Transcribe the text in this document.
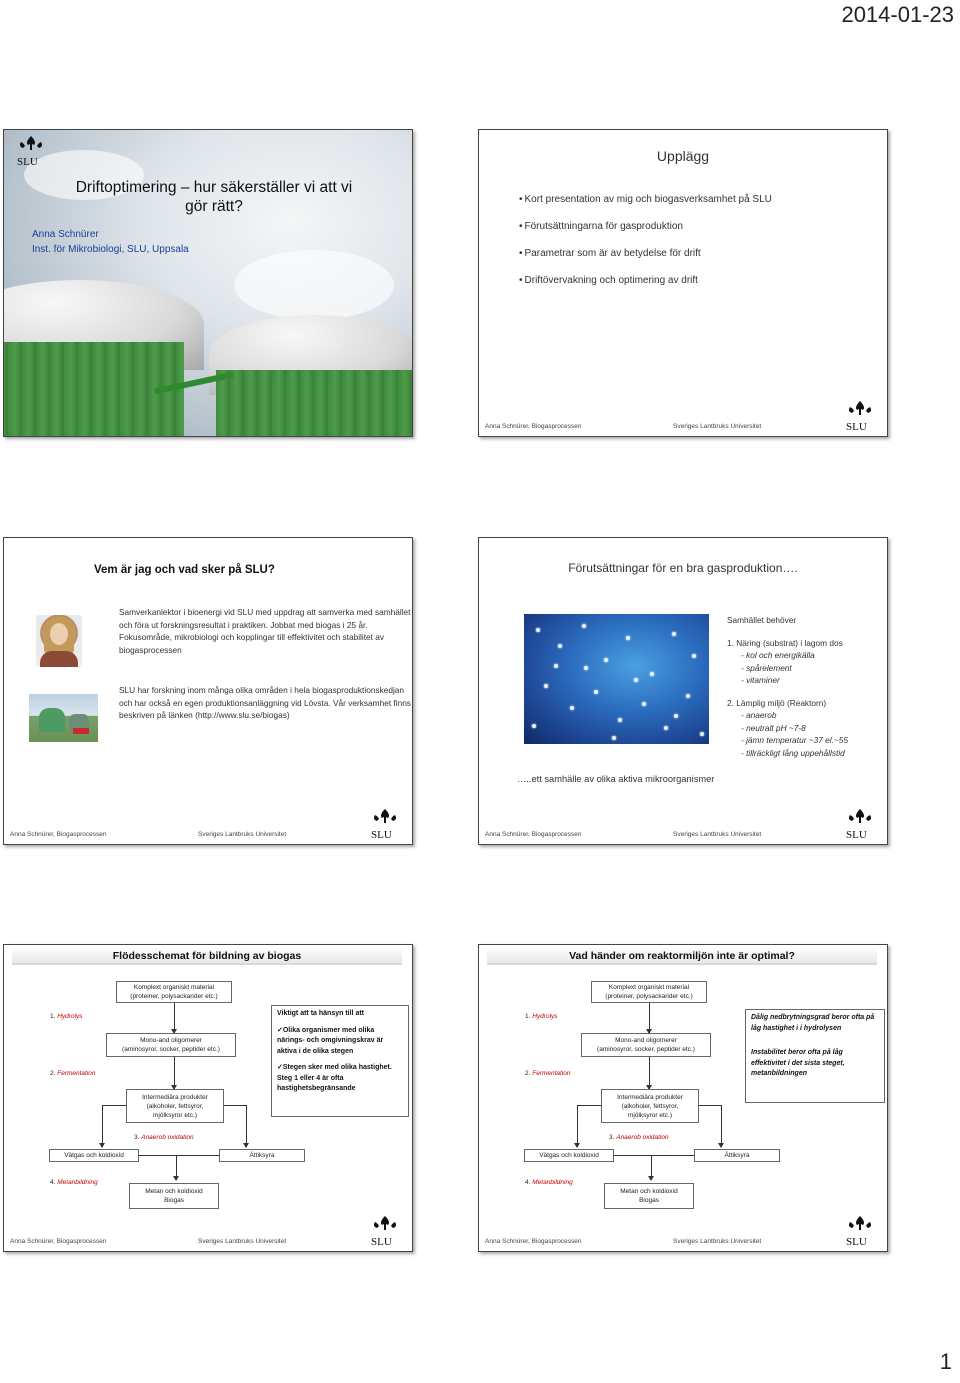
2014-01-23
SLU
Driftoptimering – hur säkerställer vi att vi
gör rätt?
Anna Schnürer
Inst. för Mikrobiologi, SLU, Uppsala
Upplägg
• Kort presentation av mig och biogasverksamhet på SLU
• Förutsättningarna för gasproduktion
• Parametrar som är av betydelse för drift
• Driftövervakning och optimering av drift
Anna Schnürer, Biogasprocessen	Sveriges Lantbruks Universitet	SLU
Vem är jag och vad sker på SLU?
Samverkanlektor i bioenergi vid SLU med uppdrag att samverka med samhället och föra ut forskningsresultat i praktiken. Jobbat med biogas i 25 år. Fokusområde, mikrobiologi och kopplingar till effektivitet och stabilitet av biogasprocessen
SLU har forskning inom många olika områden i hela biogasproduktionskedjan och har också en egen produktionsanläggning vid Lövsta. Vår verksamhet finns beskriven på länken (http://www.slu.se/biogas)
Anna Schnürer, Biogasprocessen	Sveriges Lantbruks Universitet	SLU
Förutsättningar för en bra gasproduktion….
Samhället behöver
1. Näring (substrat) i lagom dos
- kol och energikälla
- spårelement
- vitaminer
2. Lämplig miljö (Reaktorn)
- anaerob
- neutralt pH ~7-8
- jämn temperatur ~37 el.~55
- tillräckligt lång uppehållstid
…..ett samhälle av olika aktiva mikroorganismer
Anna Schnürer, Biogasprocessen	Sveriges Lantbruks Universitet	SLU
Flödesschemat för bildning av biogas
Komplext organiskt material
(proteiner, polysackarider etc.)
1. Hydrolys
Mono-and oligomerer
(aminosyror, socker, peptider etc.)
2. Fermentation
Intermediära produkter
(alkoholer, fettsyror,
mjölksyror etc.)
3. Anaerob oxidation
Vätgas och koldioxid	Ättiksyra
4. Metanbildning
Metan och koldioxid
Biogas
Viktigt att ta hänsyn till att
✓Olika organismer med olika närings- och omgivningskrav är aktiva i de olika stegen
✓Stegen sker med olika hastighet. Steg 1 eller 4 är ofta hastighetsbegränsande
Anna Schnürer, Biogasprocessen	Sveriges Lantbruks Universitet	SLU
Vad händer om reaktormiljön inte är optimal?
Komplext organiskt material
(proteiner, polysackarider etc.)
1. Hydrolys
Mono-and oligomerer
(aminosyror, socker, peptider etc.)
2. Fermentation
Intermediära produkter
(alkoholer, fettsyror,
mjölksyror etc.)
3. Anaerob oxidation
Vätgas och koldioxid	Ättiksyra
4. Metanbildning
Metan och koldioxid
Biogas
Dålig nedbrytningsgrad beror ofta på låg hastighet i i hydrolysen
Instabilitet beror ofta på låg effektivitet i det sista steget, metanbildningen
Anna Schnürer, Biogasprocessen	Sveriges Lantbruks Universitet	SLU
1
